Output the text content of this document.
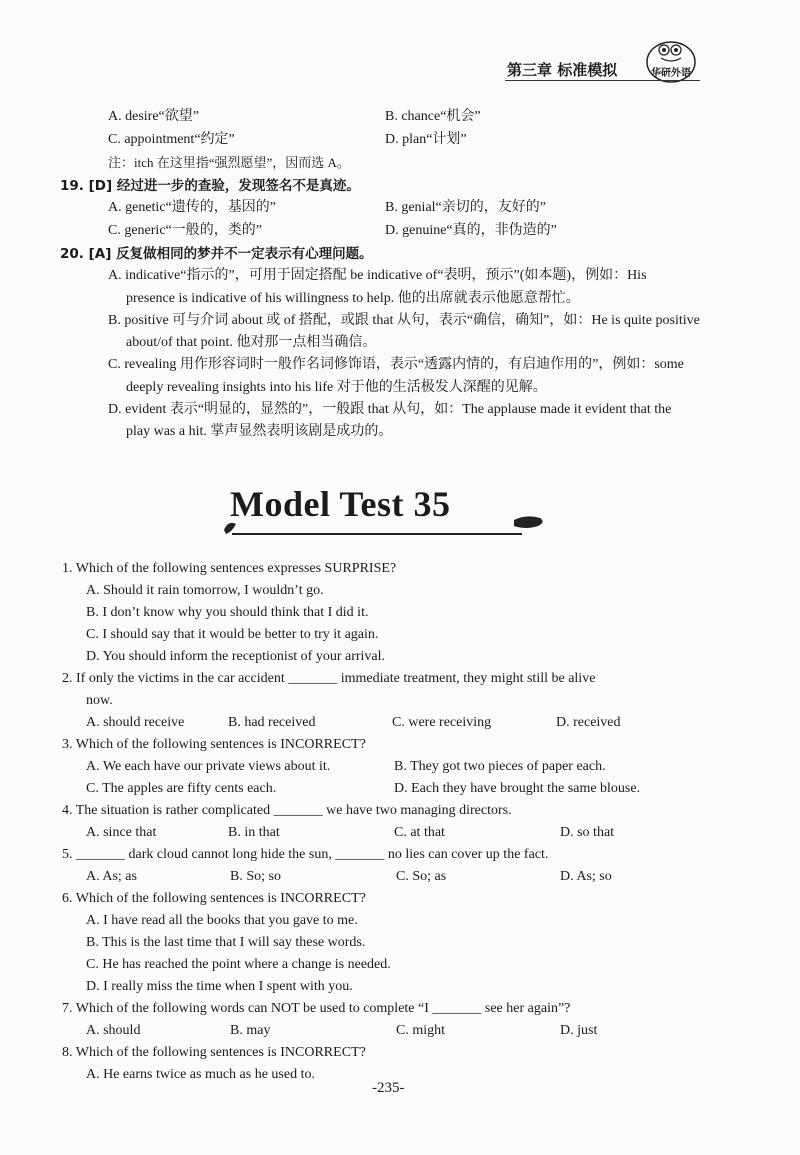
华研外语
第三章 标准模拟
A. desire“欲望”	B. chance“机会”
C. appointment“约定”	D. plan“计划”
注：itch 在这里指“强烈愿望”，因而选 A。
19. [D] 经过进一步的查验，发现签名不是真迹。
A. genetic“遗传的，基因的”	B. genial“亲切的，友好的”
C. generic“一般的，类的”	D. genuine“真的，非伪造的”
20. [A] 反复做相同的梦并不一定表示有心理问题。
A. indicative“指示的”，可用于固定搭配 be indicative of“表明，预示”(如本题)，例如：His
presence is indicative of his willingness to help. 他的出席就表示他愿意帮忙。
B. positive 可与介词 about 或 of 搭配，或跟 that 从句，表示“确信，确知”，如：He is quite positive
about/of that point. 他对那一点相当确信。
C. revealing 用作形容词时一般作名词修饰语，表示“透露内情的，有启迪作用的”，例如：some
deeply revealing insights into his life 对于他的生活极发人深醒的见解。
D. evident 表示“明显的，显然的”，一般跟 that 从句，如：The applause made it evident that the
play was a hit. 掌声显然表明该剧是成功的。
Model Test 35
1. Which of the following sentences expresses SURPRISE?
A. Should it rain tomorrow, I wouldn’t go.
B. I don’t know why you should think that I did it.
C. I should say that it would be better to try it again.
D. You should inform the receptionist of your arrival.
2. If only the victims in the car accident _______ immediate treatment, they might still be alive
now.
A. should receive	B. had received	C. were receiving	D. received
3. Which of the following sentences is INCORRECT?
A. We each have our private views about it.	B. They got two pieces of paper each.
C. The apples are fifty cents each.	D. Each they have brought the same blouse.
4. The situation is rather complicated _______ we have two managing directors.
A. since that	B. in that	C. at that	D. so that
5. _______ dark cloud cannot long hide the sun, _______ no lies can cover up the fact.
A. As; as	B. So; so	C. So; as	D. As; so
6. Which of the following sentences is INCORRECT?
A. I have read all the books that you gave to me.
B. This is the last time that I will say these words.
C. He has reached the point where a change is needed.
D. I really miss the time when I spent with you.
7. Which of the following words can NOT be used to complete “I _______ see her again”?
A. should	B. may	C. might	D. just
8. Which of the following sentences is INCORRECT?
A. He earns twice as much as he used to.
-235-
